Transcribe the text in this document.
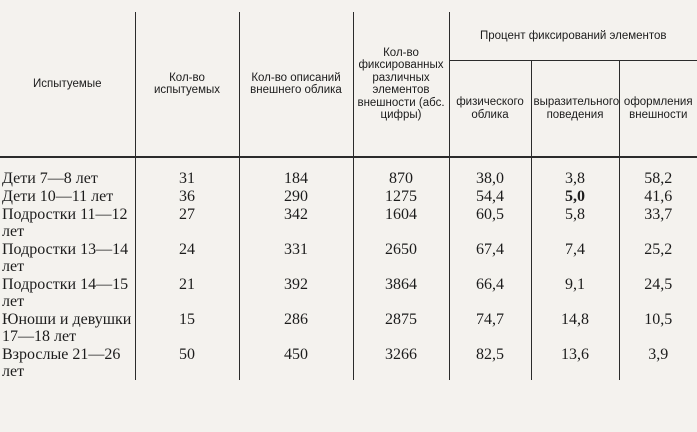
Испытуемые	Кол-во испытуемых	Кол-во описаний внешнего облика	Кол-во фиксированных различных элементов внешности (абс. цифры)	Процент фиксирований элементов		
				физического облика	выразительного поведения	оформления внешности
Дети 7—8 лет	31	184	870	38,0	3,8	58,2
Дети 10—11 лет	36	290	1275	54,4	5,0	41,6
Подростки 11—12 лет	27	342	1604	60,5	5,8	33,7
Подростки 13—14 лет	24	331	2650	67,4	7,4	25,2
Подростки 14—15 лет	21	392	3864	66,4	9,1	24,5
Юноши и девушки 17—18 лет	15	286	2875	74,7	14,8	10,5
Взрослые 21—26 лет	50	450	3266	82,5	13,6	3,9
